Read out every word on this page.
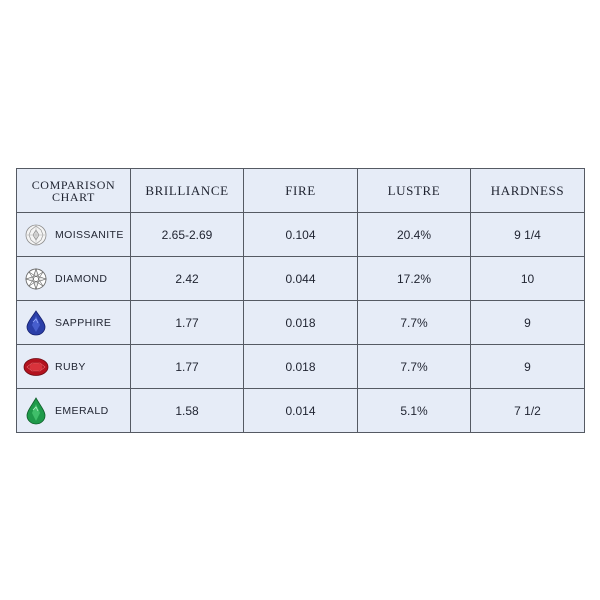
COMPARISON
CHART	BRILLIANCE	FIRE	LUSTRE	HARDNESS

MOISSANITE	2.65-2.69	0.104	20.4%	9 1/4

DIAMOND	2.42	0.044	17.2%	10

SAPPHIRE	1.77	0.018	7.7%	9

RUBY	1.77	0.018	7.7%	9

EMERALD	1.58	0.014	5.1%	7 1/2
